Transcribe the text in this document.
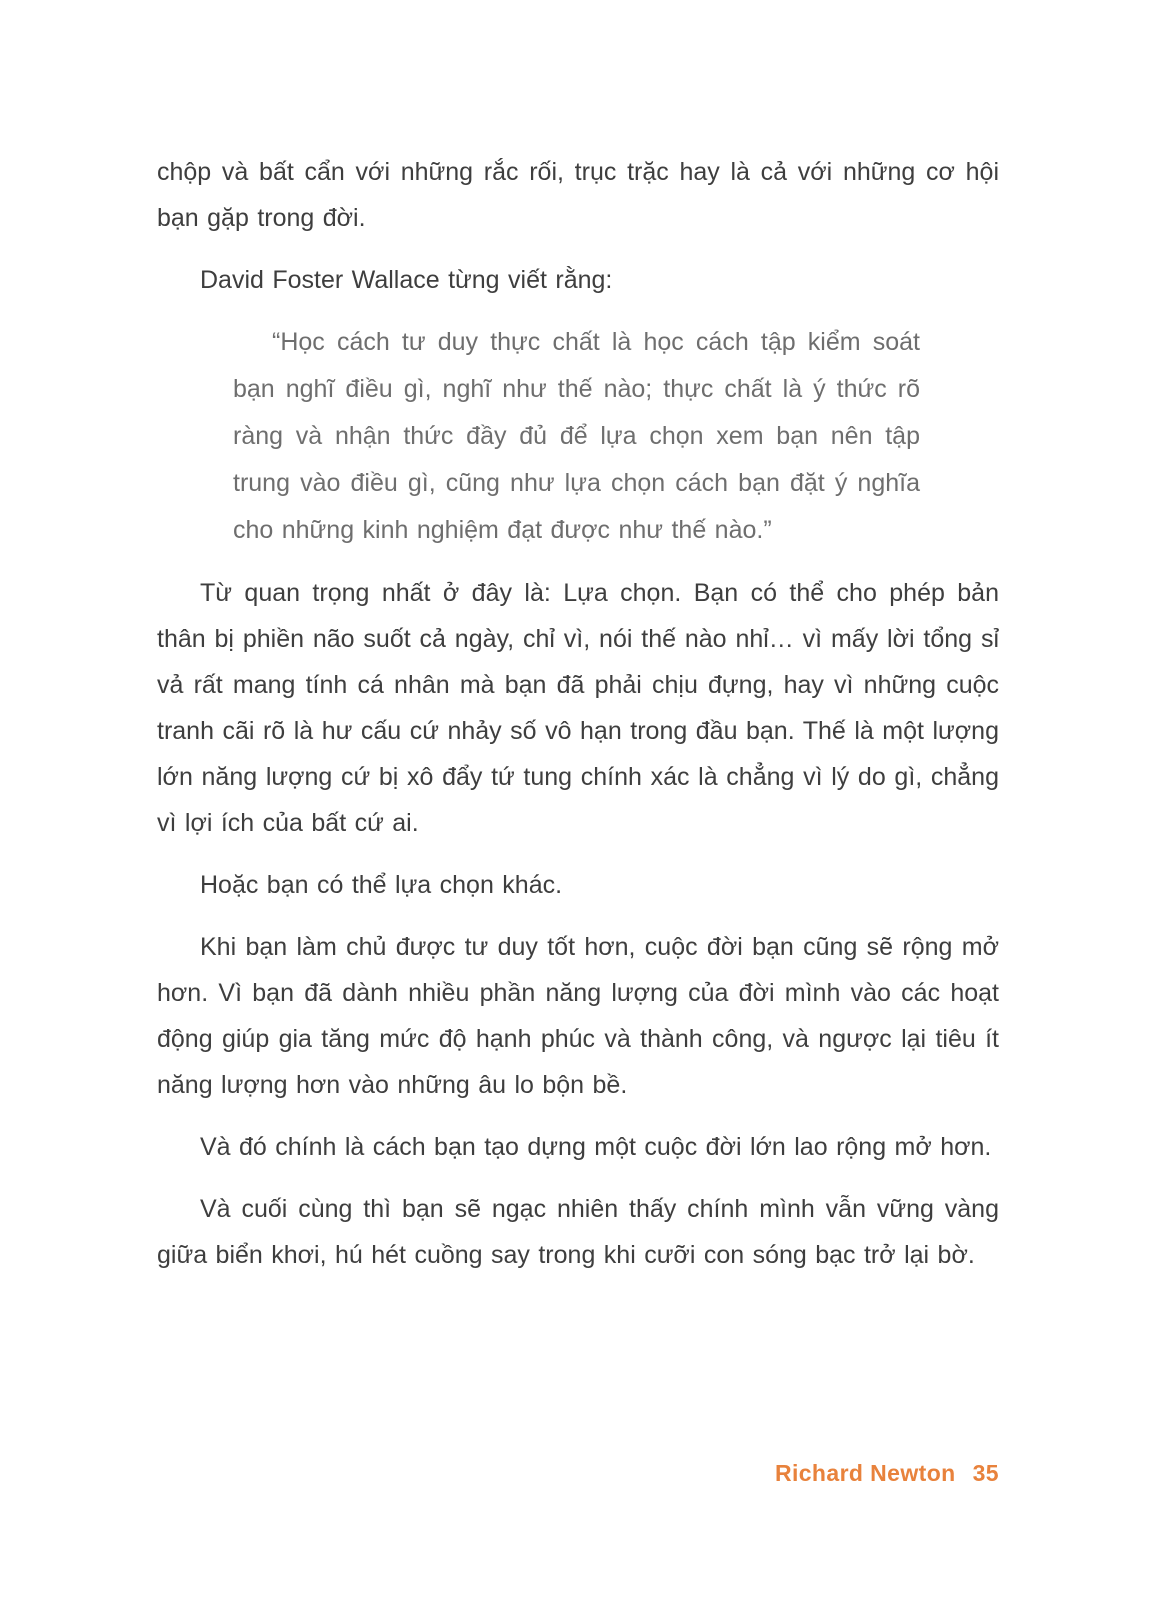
chộp và bất cẩn với những rắc rối, trục trặc hay là cả với những cơ hội bạn gặp trong đời.

David Foster Wallace từng viết rằng:

“Học cách tư duy thực chất là học cách tập kiểm soát bạn nghĩ điều gì, nghĩ như thế nào; thực chất là ý thức rõ ràng và nhận thức đầy đủ để lựa chọn xem bạn nên tập trung vào điều gì, cũng như lựa chọn cách bạn đặt ý nghĩa cho những kinh nghiệm đạt được như thế nào.”

Từ quan trọng nhất ở đây là: Lựa chọn. Bạn có thể cho phép bản thân bị phiền não suốt cả ngày, chỉ vì, nói thế nào nhỉ… vì mấy lời tổng sỉ vả rất mang tính cá nhân mà bạn đã phải chịu đựng, hay vì những cuộc tranh cãi rõ là hư cấu cứ nhảy số vô hạn trong đầu bạn. Thế là một lượng lớn năng lượng cứ bị xô đẩy tứ tung chính xác là chẳng vì lý do gì, chẳng vì lợi ích của bất cứ ai.

Hoặc bạn có thể lựa chọn khác.

Khi bạn làm chủ được tư duy tốt hơn, cuộc đời bạn cũng sẽ rộng mở hơn. Vì bạn đã dành nhiều phần năng lượng của đời mình vào các hoạt động giúp gia tăng mức độ hạnh phúc và thành công, và ngược lại tiêu ít năng lượng hơn vào những âu lo bộn bề.

Và đó chính là cách bạn tạo dựng một cuộc đời lớn lao rộng mở hơn.

Và cuối cùng thì bạn sẽ ngạc nhiên thấy chính mình vẫn vững vàng giữa biển khơi, hú hét cuồng say trong khi cưỡi con sóng bạc trở lại bờ.

Richard Newton 35
